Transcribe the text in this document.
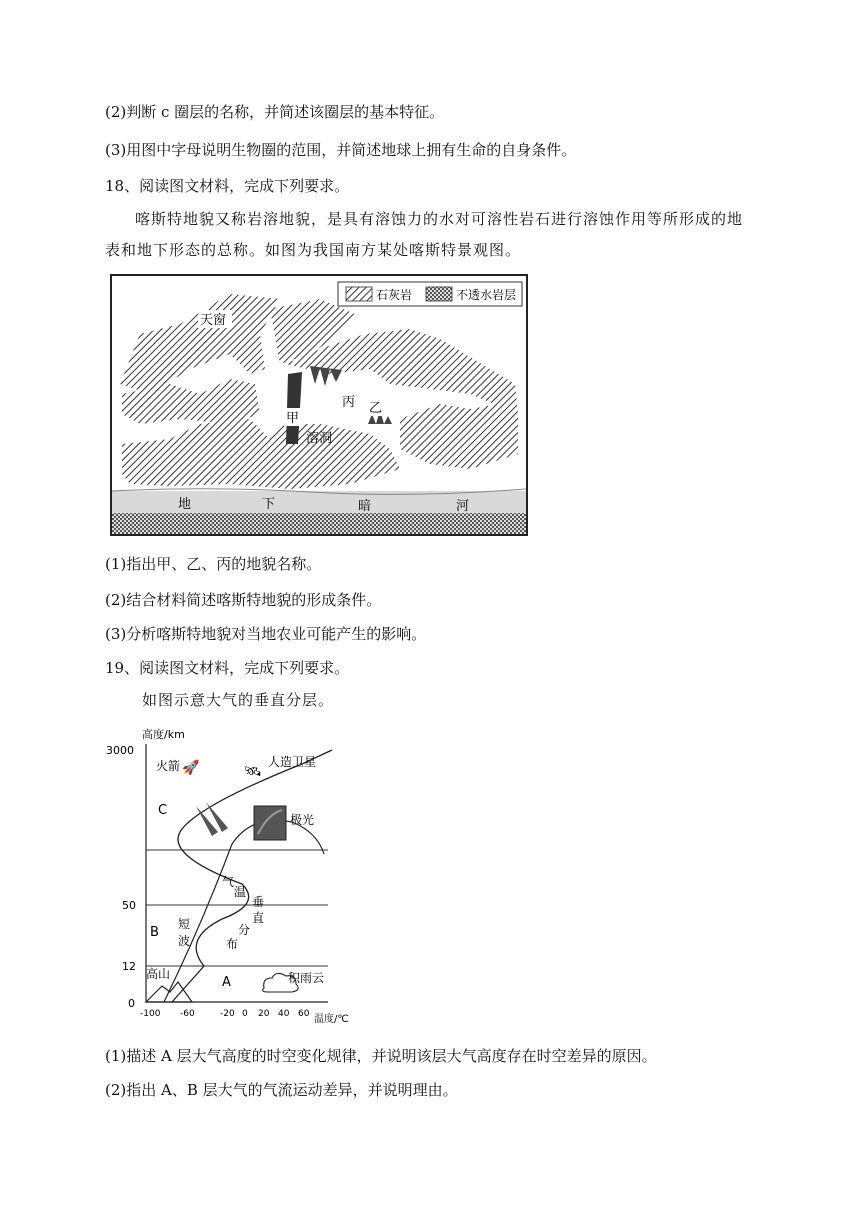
(2)判断 c 圈层的名称，并简述该圈层的基本特征。
(3)用图中字母说明生物圈的范围，并简述地球上拥有生命的自身条件。
18、阅读图文材料，完成下列要求。
喀斯特地貌又称岩溶地貌，是具有溶蚀力的水对可溶性岩石进行溶蚀作用等所形成的地表和地下形态的总称。如图为我国南方某处喀斯特景观图。
石灰岩	不透水岩层
天窗
甲
乙
丙
溶洞
地	下	暗	河
(1)指出甲、乙、丙的地貌名称。
(2)结合材料简述喀斯特地貌的形成条件。
(3)分析喀斯特地貌对当地农业可能产生的影响。
19、阅读图文材料，完成下列要求。
如图示意大气的垂直分层。
高度/km
3000
50
12
0
-100 -60	-20 0 20 40 60 温度/℃
🚀	🛰
火箭	人造卫星
极光
C
B
A
高山	积雨云
短
波
气
温
垂
直
分
布
(1)描述 A 层大气高度的时空变化规律，并说明该层大气高度存在时空差异的原因。
(2)指出 A、B 层大气的气流运动差异，并说明理由。
